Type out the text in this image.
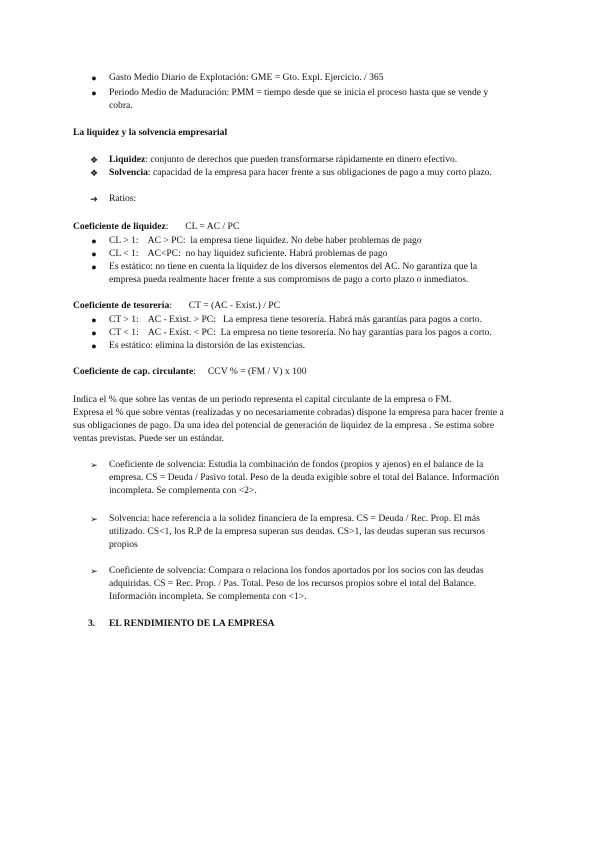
●	Gasto Medio Diario de Explotación: GME = Gto. Expl. Ejercicio. / 365
●	Periodo Medio de Maduración: PMM = tiempo desde que se inicia el proceso hasta que se vende y
cobra.
La liquidez y la solvencia empresarial
❖ Liquidez: conjunto de derechos que pueden transformarse rápidamente en dinero efectivo.
❖ Solvencia: capacidad de la empresa para hacer frente a sus obligaciones de pago a muy corto plazo.
➔ Ratios:
Coeficiente de liquidez:       CL = AC / PC
●	CL > 1:    AC > PC:  la empresa tiene liquidez. No debe haber problemas de pago
●	CL < 1:    AC<PC:  no hay liquidez suficiente. Habrá problemas de pago
●	Es estático: no tiene en cuenta la liquidez de los diversos elementos del AC. No garantiza que la
empresa pueda realmente hacer frente a sus compromisos de pago a corto plazo o inmediatos.
Coeficiente de tesorería:       CT = (AC - Exist.) / PC
●	CT > 1:    AC - Exist. > PC:   La empresa tiene tesorería. Habrá más garantías para pagos a corto.
●	CT < 1:    AC - Exist. < PC:  La empresa no tiene tesorería. No hay garantías para los pagos a corto.
●	Es estático: elimina la distorsión de las existencias.
Coeficiente de cap. circulante:     CCV % = (FM / V) x 100
Indica el % que sobre las ventas de un periodo representa el capital circulante de la empresa o FM.
Expresa el % que sobre ventas (realizadas y no necesariamente cobradas) dispone la empresa para hacer frente a
sus obligaciones de pago. Da una idea del potencial de generación de liquidez de la empresa . Se estima sobre
ventas previstas. Puede ser un estándar.
➢ Coeficiente de solvencia: Estudia la combinación de fondos (propios y ajenos) en el balance de la
empresa. CS = Deuda / Pasivo total. Peso de la deuda exigible sobre el total del Balance. Información
incompleta. Se complementa con <2>.
➢ Solvencia: hace referencia a la solidez financiera de la empresa. CS = Deuda / Rec. Prop. El más
utilizado. CS<1, los R.P de la empresa superan sus deudas. CS>1, las deudas superan sus recursos
propios
➢ Coeficiente de solvencia: Compara o relaciona los fondos aportados por los socios con las deudas
adquiridas. CS = Rec. Prop. / Pas. Total. Peso de los recursos propios sobre el total del Balance.
Información incompleta. Se complementa con <1>.
3. EL RENDIMIENTO DE LA EMPRESA
